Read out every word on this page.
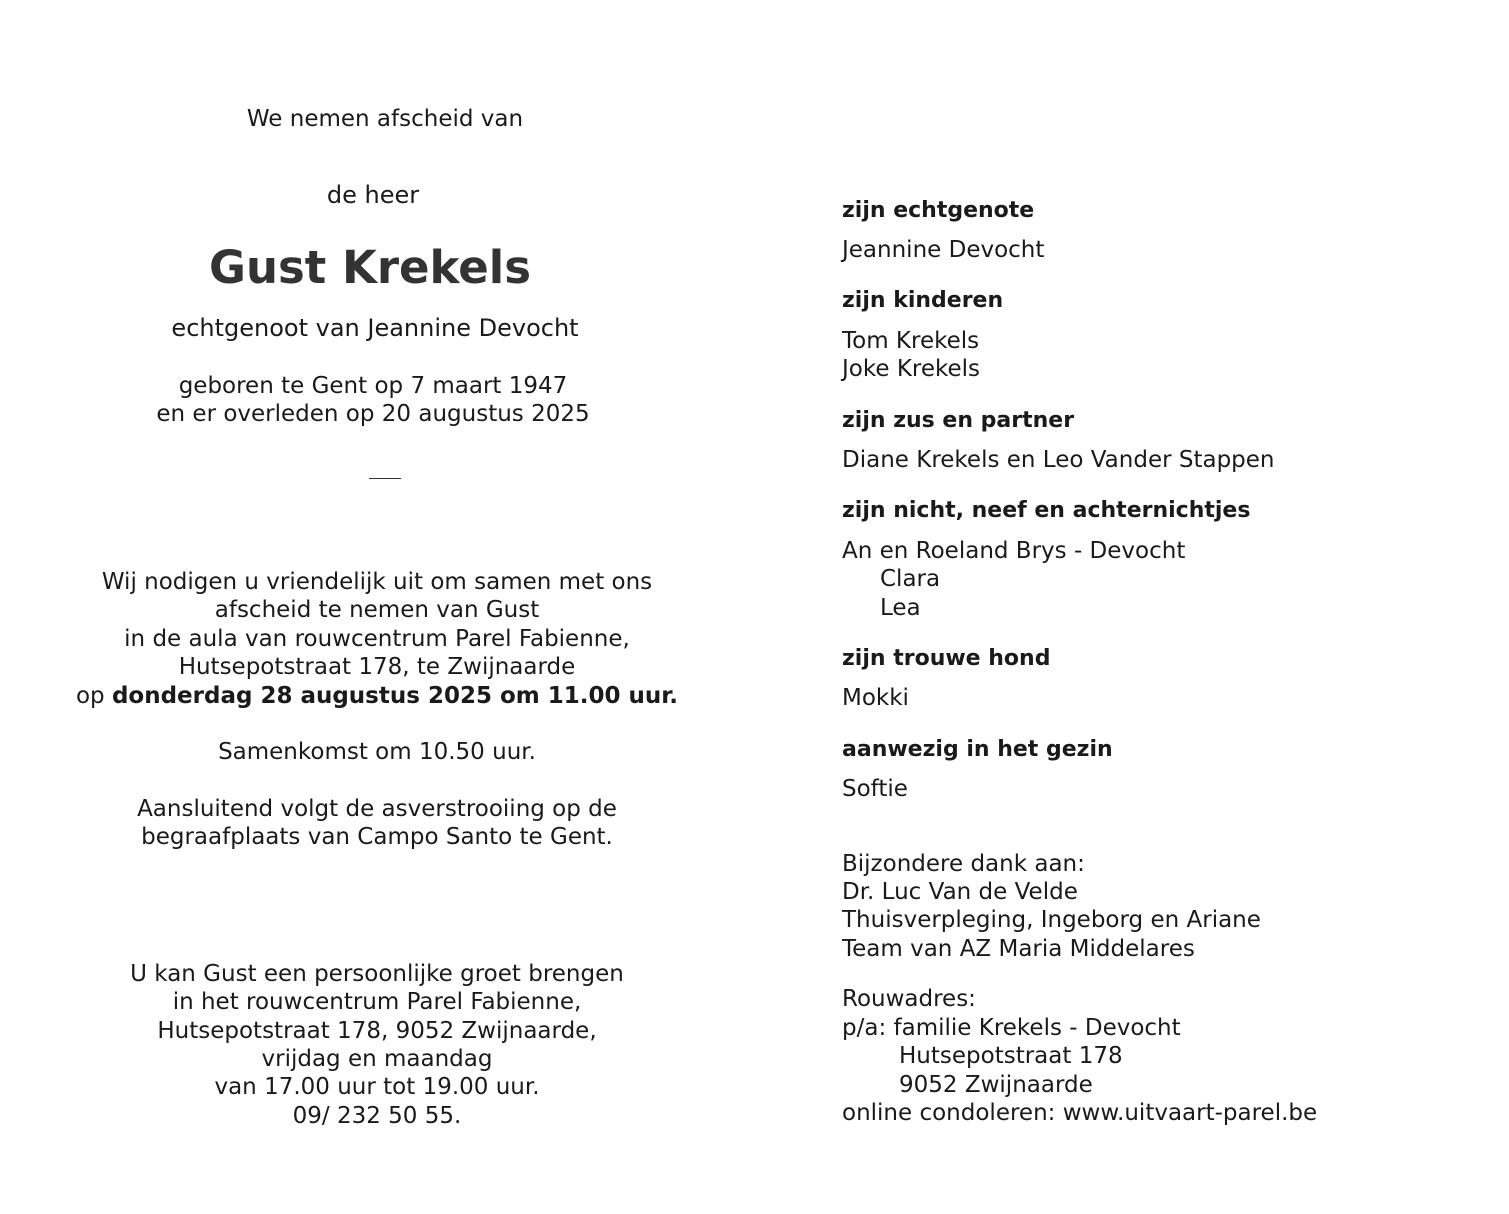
We nemen afscheid van
de heer
Gust Krekels
echtgenoot van Jeannine Devocht
geboren te Gent op 7 maart 1947
en er overleden op 20 augustus 2025
Wij nodigen u vriendelijk uit om samen met ons
afscheid te nemen van Gust
in de aula van rouwcentrum Parel Fabienne,
Hutsepotstraat 178, te Zwijnaarde
op donderdag 28 augustus 2025 om 11.00 uur.
Samenkomst om 10.50 uur.
Aansluitend volgt de asverstrooiing op de
begraafplaats van Campo Santo te Gent.
U kan Gust een persoonlijke groet brengen
in het rouwcentrum Parel Fabienne,
Hutsepotstraat 178, 9052 Zwijnaarde,
vrijdag en maandag
van 17.00 uur tot 19.00 uur.
09/ 232 50 55.
zijn echtgenote
Jeannine Devocht
zijn kinderen
Tom Krekels
Joke Krekels
zijn zus en partner
Diane Krekels en Leo Vander Stappen
zijn nicht, neef en achternichtjes
An en Roeland Brys - Devocht
Clara
Lea
zijn trouwe hond
Mokki
aanwezig in het gezin
Softie
Bijzondere dank aan:
Dr. Luc Van de Velde
Thuisverpleging, Ingeborg en Ariane
Team van AZ Maria Middelares
Rouwadres:
p/a: familie Krekels - Devocht
Hutsepotstraat 178
9052 Zwijnaarde
online condoleren: www.uitvaart-parel.be
